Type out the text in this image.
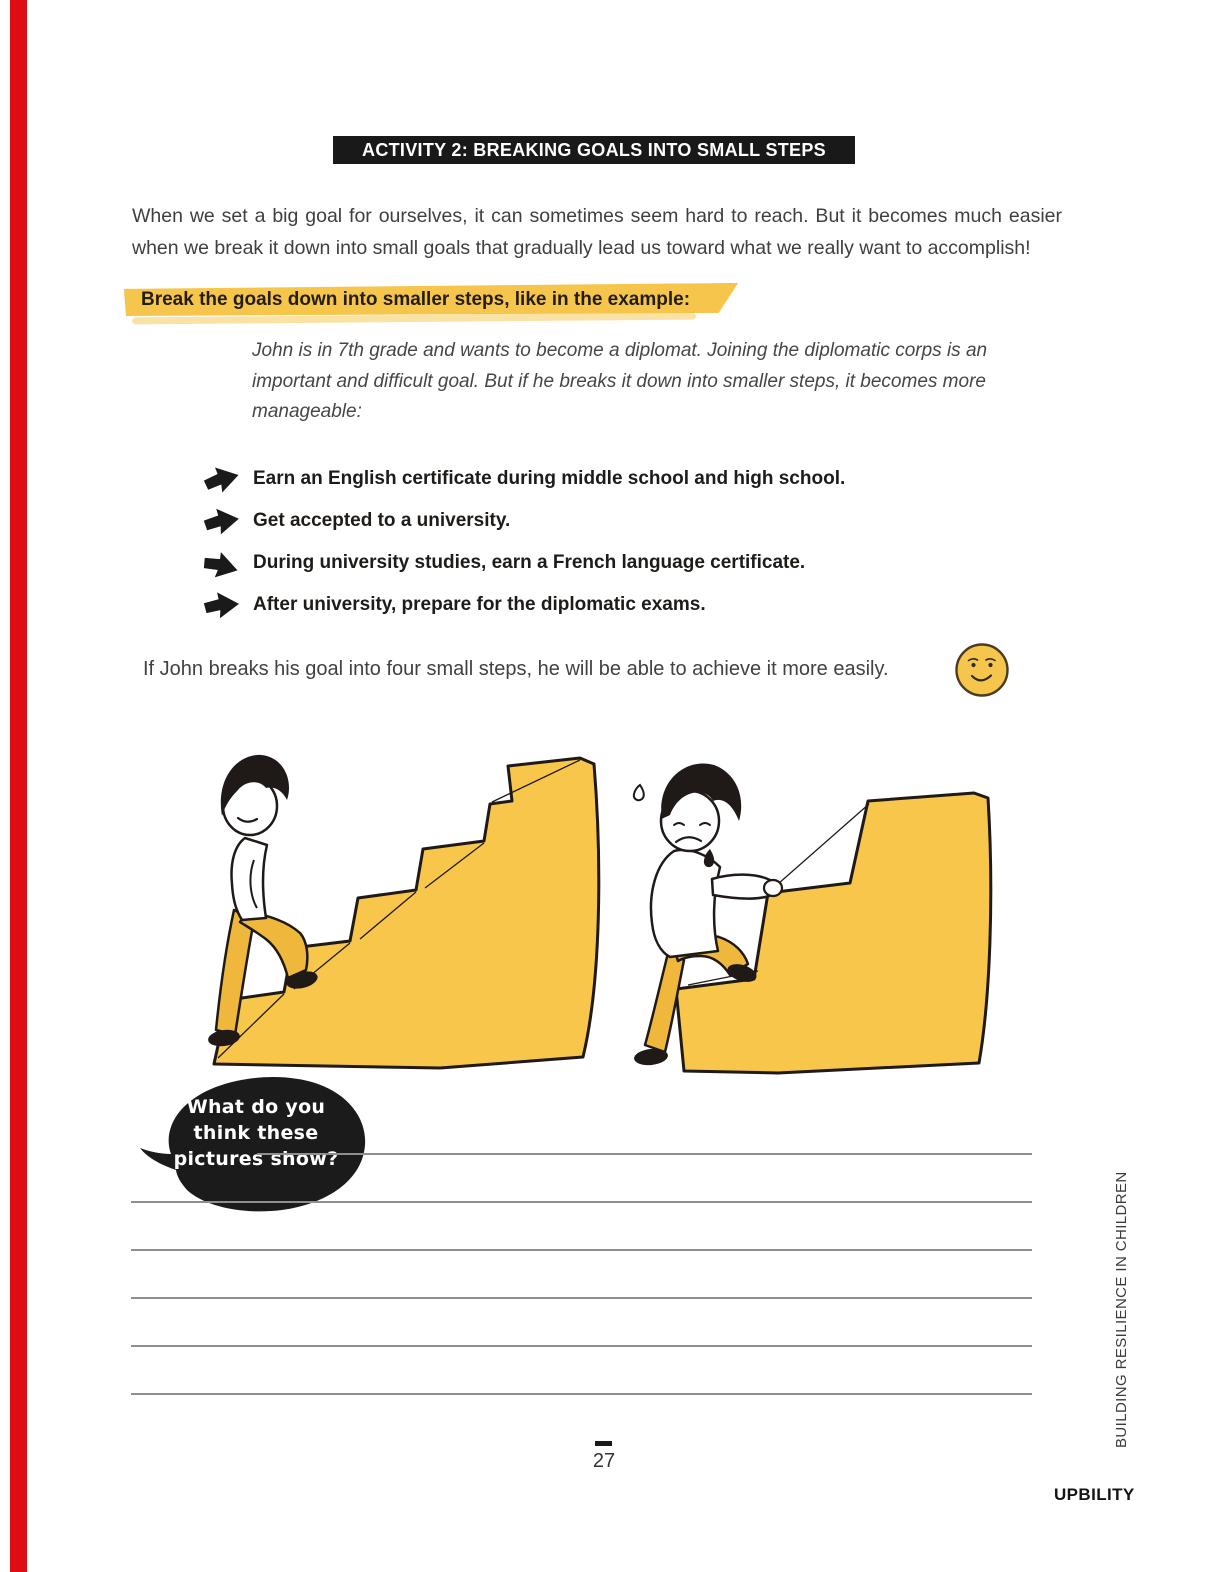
ACTIVITY 2: BREAKING GOALS INTO SMALL STEPS

When we set a big goal for ourselves, it can sometimes seem hard to reach. But it becomes much easier when we break it down into small goals that gradually lead us toward what we really want to accomplish!

Break the goals down into smaller steps, like in the example:

John is in 7th grade and wants to become a diplomat. Joining the diplomatic corps is an important and difficult goal. But if he breaks it down into smaller steps, it becomes more manageable:

Earn an English certificate during middle school and high school.
Get accepted to a university.
During university studies, earn a French language certificate.
After university, prepare for the diplomatic exams.

If John breaks his goal into four small steps, he will be able to achieve it more easily.

What do you
think these
pictures show?
BUILDING RESILIENCE IN CHILDREN
UPBILITY
27
